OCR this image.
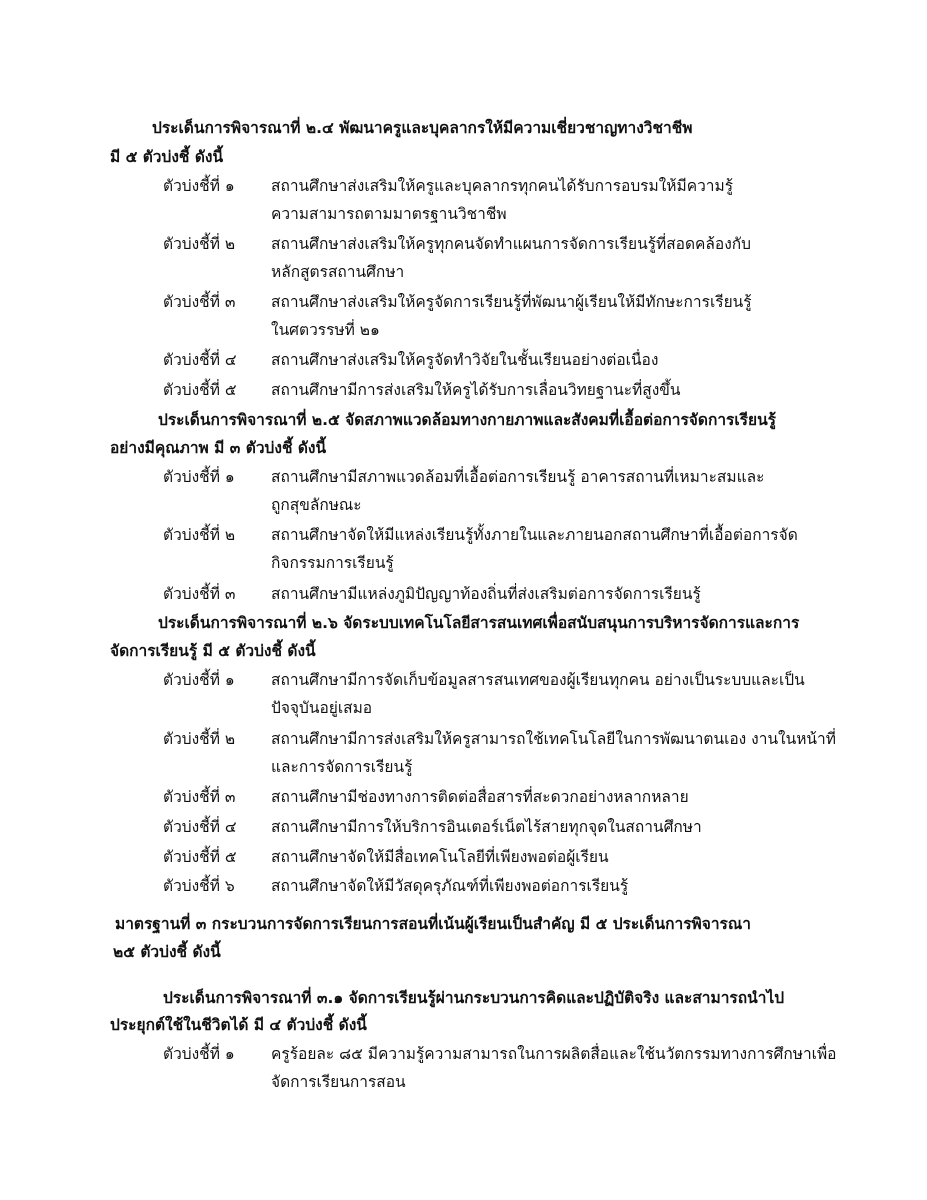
ประเด็นการพิจารณาที่ ๒.๔ พัฒนาครูและบุคลากรให้มีความเชี่ยวชาญทางวิชาชีพ
มี ๕ ตัวบ่งชี้ ดังนี้
ตัวบ่งชี้ที่ ๑ สถานศึกษาส่งเสริมให้ครูและบุคลากรทุกคนได้รับการอบรมให้มีความรู้
ความสามารถตามมาตรฐานวิชาชีพ
ตัวบ่งชี้ที่ ๒ สถานศึกษาส่งเสริมให้ครูทุกคนจัดทำแผนการจัดการเรียนรู้ที่สอดคล้องกับ
หลักสูตรสถานศึกษา
ตัวบ่งชี้ที่ ๓ สถานศึกษาส่งเสริมให้ครูจัดการเรียนรู้ที่พัฒนาผู้เรียนให้มีทักษะการเรียนรู้
ในศตวรรษที่ ๒๑
ตัวบ่งชี้ที่ ๔ สถานศึกษาส่งเสริมให้ครูจัดทำวิจัยในชั้นเรียนอย่างต่อเนื่อง
ตัวบ่งชี้ที่ ๕ สถานศึกษามีการส่งเสริมให้ครูได้รับการเลื่อนวิทยฐานะที่สูงขึ้น
ประเด็นการพิจารณาที่ ๒.๕ จัดสภาพแวดล้อมทางกายภาพและสังคมที่เอื้อต่อการจัดการเรียนรู้
อย่างมีคุณภาพ มี ๓ ตัวบ่งชี้ ดังนี้
ตัวบ่งชี้ที่ ๑ สถานศึกษามีสภาพแวดล้อมที่เอื้อต่อการเรียนรู้ อาคารสถานที่เหมาะสมและ
ถูกสุขลักษณะ
ตัวบ่งชี้ที่ ๒ สถานศึกษาจัดให้มีแหล่งเรียนรู้ทั้งภายในและภายนอกสถานศึกษาที่เอื้อต่อการจัด
กิจกรรมการเรียนรู้
ตัวบ่งชี้ที่ ๓ สถานศึกษามีแหล่งภูมิปัญญาท้องถิ่นที่ส่งเสริมต่อการจัดการเรียนรู้
ประเด็นการพิจารณาที่ ๒.๖ จัดระบบเทคโนโลยีสารสนเทศเพื่อสนับสนุนการบริหารจัดการและการ
จัดการเรียนรู้ มี ๕ ตัวบ่งชี้ ดังนี้
ตัวบ่งชี้ที่ ๑ สถานศึกษามีการจัดเก็บข้อมูลสารสนเทศของผู้เรียนทุกคน อย่างเป็นระบบและเป็น
ปัจจุบันอยู่เสมอ
ตัวบ่งชี้ที่ ๒ สถานศึกษามีการส่งเสริมให้ครูสามารถใช้เทคโนโลยีในการพัฒนาตนเอง งานในหน้าที่
และการจัดการเรียนรู้
ตัวบ่งชี้ที่ ๓ สถานศึกษามีช่องทางการติดต่อสื่อสารที่สะดวกอย่างหลากหลาย
ตัวบ่งชี้ที่ ๔ สถานศึกษามีการให้บริการอินเตอร์เน็ตไร้สายทุกจุดในสถานศึกษา
ตัวบ่งชี้ที่ ๕ สถานศึกษาจัดให้มีสื่อเทคโนโลยีที่เพียงพอต่อผู้เรียน
ตัวบ่งชี้ที่ ๖ สถานศึกษาจัดให้มีวัสดุครุภัณฑ์ที่เพียงพอต่อการเรียนรู้
มาตรฐานที่ ๓ กระบวนการจัดการเรียนการสอนที่เน้นผู้เรียนเป็นสำคัญ มี ๕ ประเด็นการพิจารณา
๒๕ ตัวบ่งชี้ ดังนี้
ประเด็นการพิจารณาที่ ๓.๑ จัดการเรียนรู้ผ่านกระบวนการคิดและปฏิบัติจริง และสามารถนำไป
ประยุกต์ใช้ในชีวิตได้ มี ๔ ตัวบ่งชี้ ดังนี้
ตัวบ่งชี้ที่ ๑ ครูร้อยละ ๘๕ มีความรู้ความสามารถในการผลิตสื่อและใช้นวัตกรรมทางการศึกษาเพื่อ
จัดการเรียนการสอน
